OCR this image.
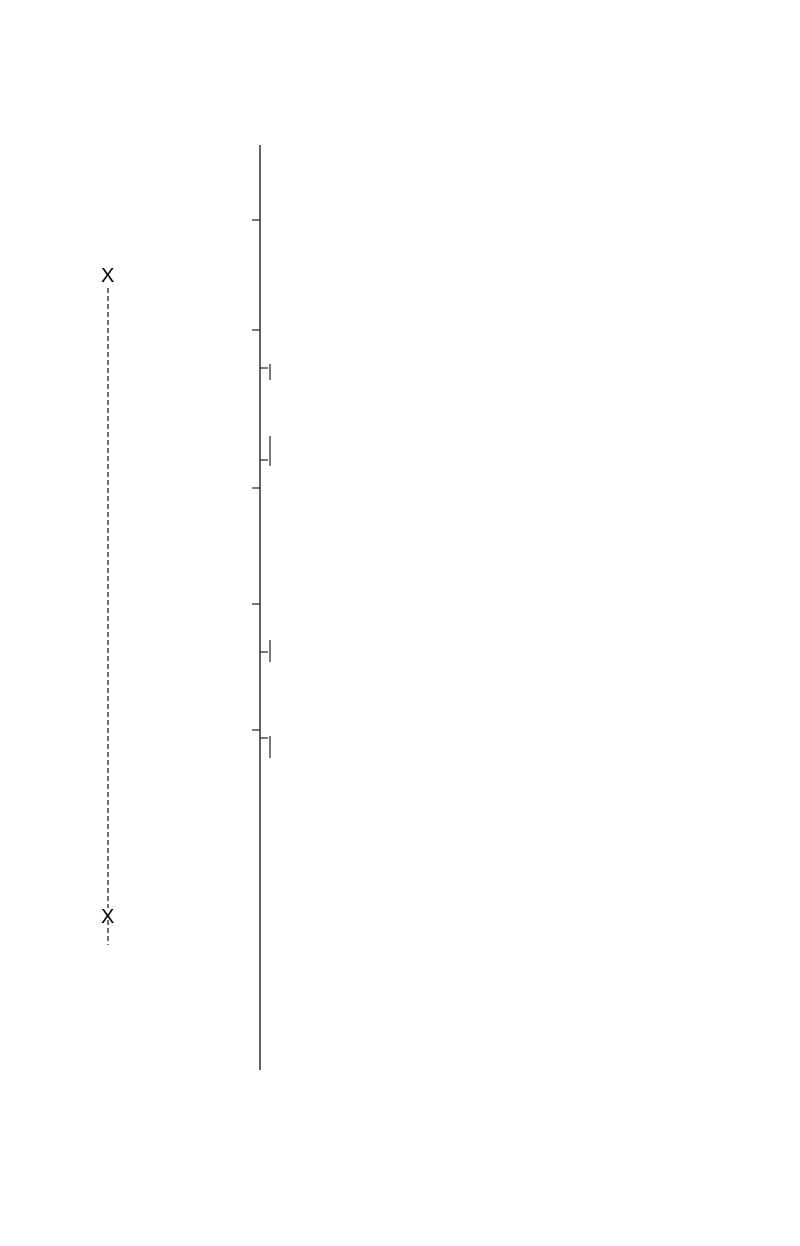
X
X
